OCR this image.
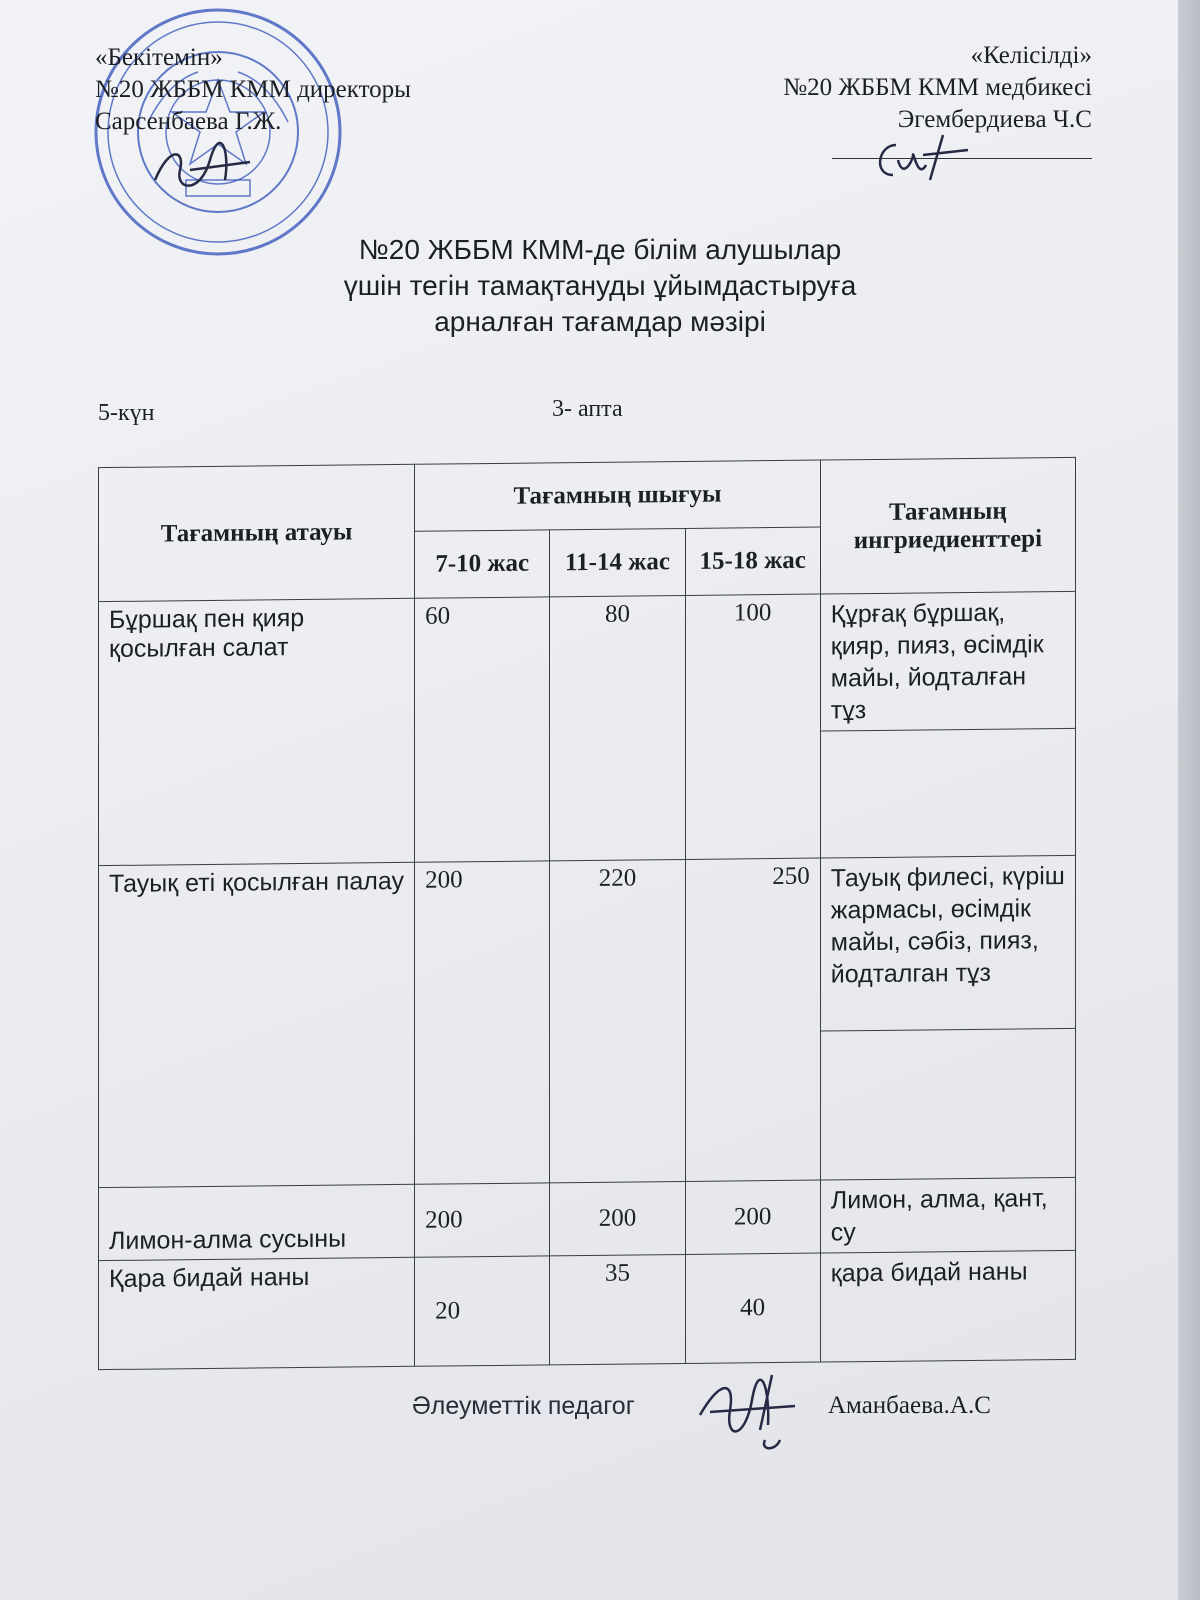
«Бекітемін»
№20 ЖББМ КММ директоры
Сарсенбаева Г.Ж.
«Келісілді»
№20 ЖББМ КММ медбикесі
Эгембердиева Ч.С
№20 ЖББМ КММ-де білім алушылар
үшін тегін тамақтануды ұйымдастыруға
арналған тағамдар мәзірі
5-күн	3- апта
Тағамның атауы	Тағамның шығуы			Тағамның ингриедиенттері
	7-10 жас	11-14 жас	15-18 жас	
Бұршақ пен қияр қосылған салат	60	80	100	Құрғақ бұршақ, қияр, пияз, өсімдік майы, йодталған тұз

Тауық еті қосылған палау	200	220	250	Тауық филесі, күріш жармасы, өсімдік майы, сәбіз, пияз, йодталган тұз

Лимон-алма сусыны	200	200	200	Лимон, алма, қант, су
Қара бидай наны	20	35	40	қара бидай наны
Әлеуметтік педагог	Аманбаева.А.С
